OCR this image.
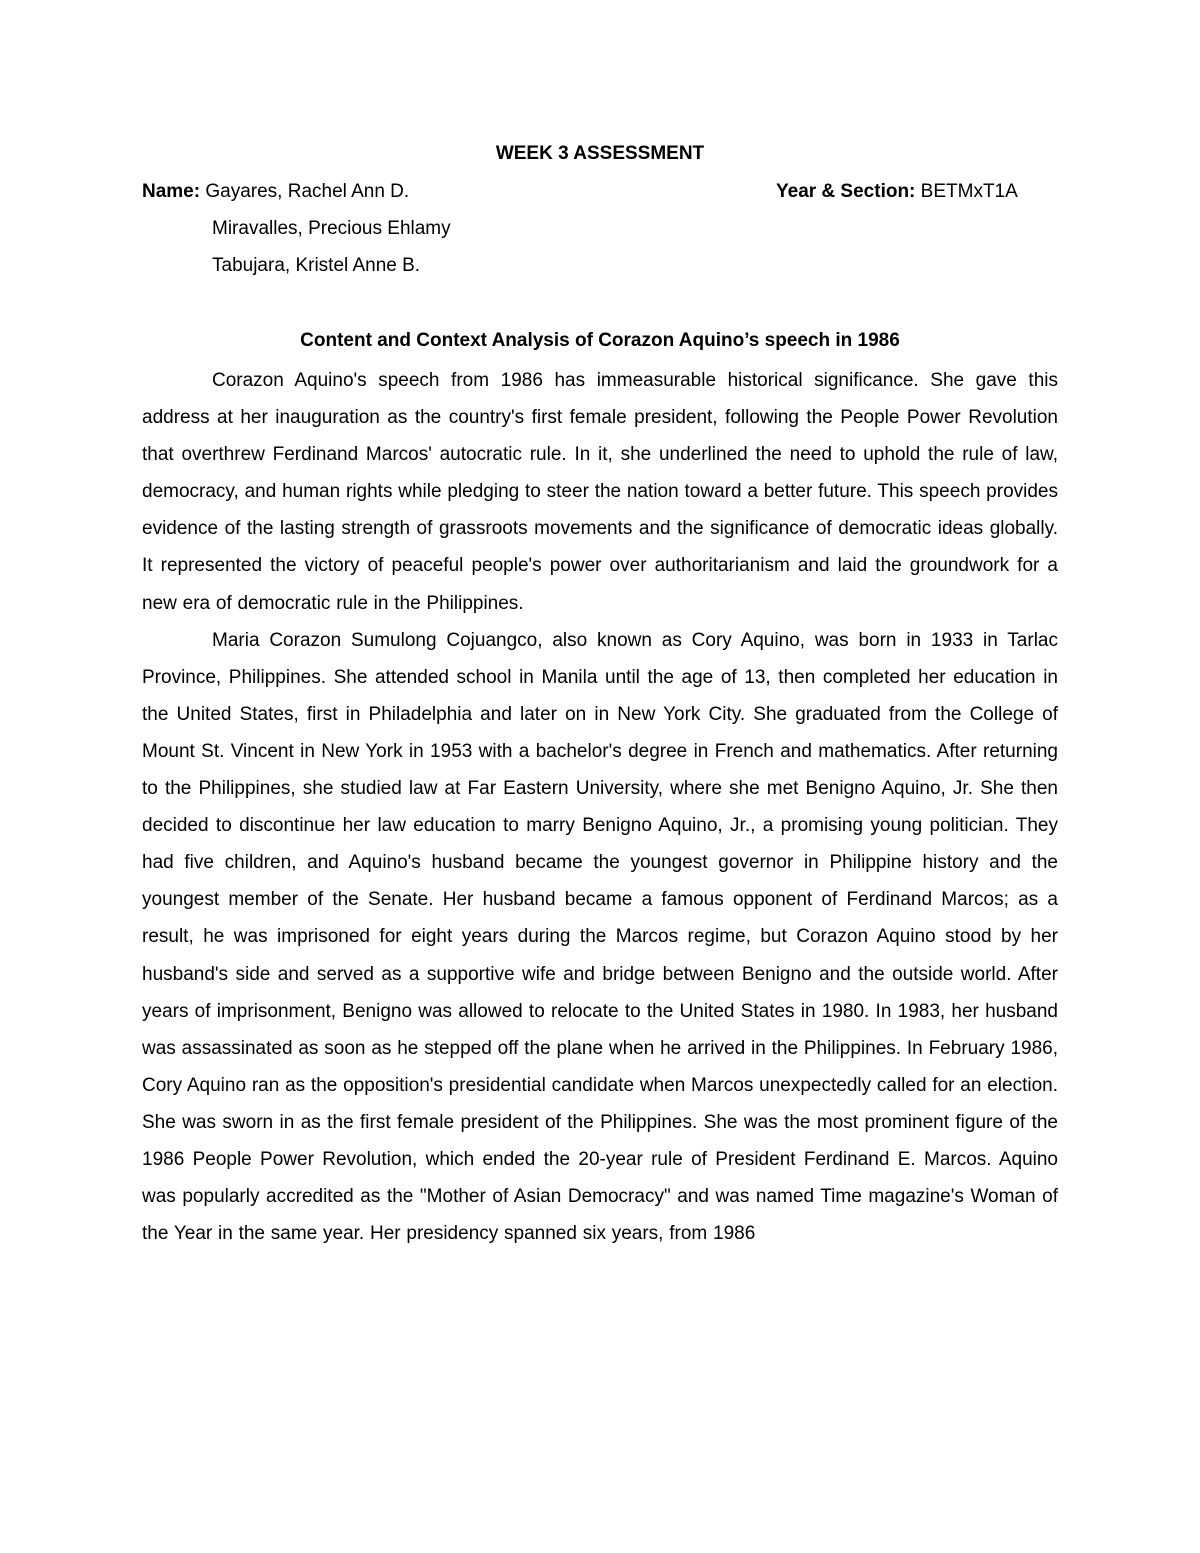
WEEK 3 ASSESSMENT
Name: Gayares, Rachel Ann D.	Year & Section: BETMxT1A
Miravalles, Precious Ehlamy
Tabujara, Kristel Anne B.
Content and Context Analysis of Corazon Aquino’s speech in 1986

Corazon Aquino's speech from 1986 has immeasurable historical significance. She gave this address at her inauguration as the country's first female president, following the People Power Revolution that overthrew Ferdinand Marcos' autocratic rule. In it, she underlined the need to uphold the rule of law, democracy, and human rights while pledging to steer the nation toward a better future. This speech provides evidence of the lasting strength of grassroots movements and the significance of democratic ideas globally. It represented the victory of peaceful people's power over authoritarianism and laid the groundwork for a new era of democratic rule in the Philippines.

Maria Corazon Sumulong Cojuangco, also known as Cory Aquino, was born in 1933 in Tarlac Province, Philippines. She attended school in Manila until the age of 13, then completed her education in the United States, first in Philadelphia and later on in New York City. She graduated from the College of Mount St. Vincent in New York in 1953 with a bachelor's degree in French and mathematics. After returning to the Philippines, she studied law at Far Eastern University, where she met Benigno Aquino, Jr. She then decided to discontinue her law education to marry Benigno Aquino, Jr., a promising young politician. They had five children, and Aquino's husband became the youngest governor in Philippine history and the youngest member of the Senate. Her husband became a famous opponent of Ferdinand Marcos; as a result, he was imprisoned for eight years during the Marcos regime, but Corazon Aquino stood by her husband's side and served as a supportive wife and bridge between Benigno and the outside world. After years of imprisonment, Benigno was allowed to relocate to the United States in 1980. In 1983, her husband was assassinated as soon as he stepped off the plane when he arrived in the Philippines. In February 1986, Cory Aquino ran as the opposition's presidential candidate when Marcos unexpectedly called for an election. She was sworn in as the first female president of the Philippines. She was the most prominent figure of the 1986 People Power Revolution, which ended the 20-year rule of President Ferdinand E. Marcos. Aquino was popularly accredited as the "Mother of Asian Democracy" and was named Time magazine's Woman of the Year in the same year. Her presidency spanned six years, from 1986
